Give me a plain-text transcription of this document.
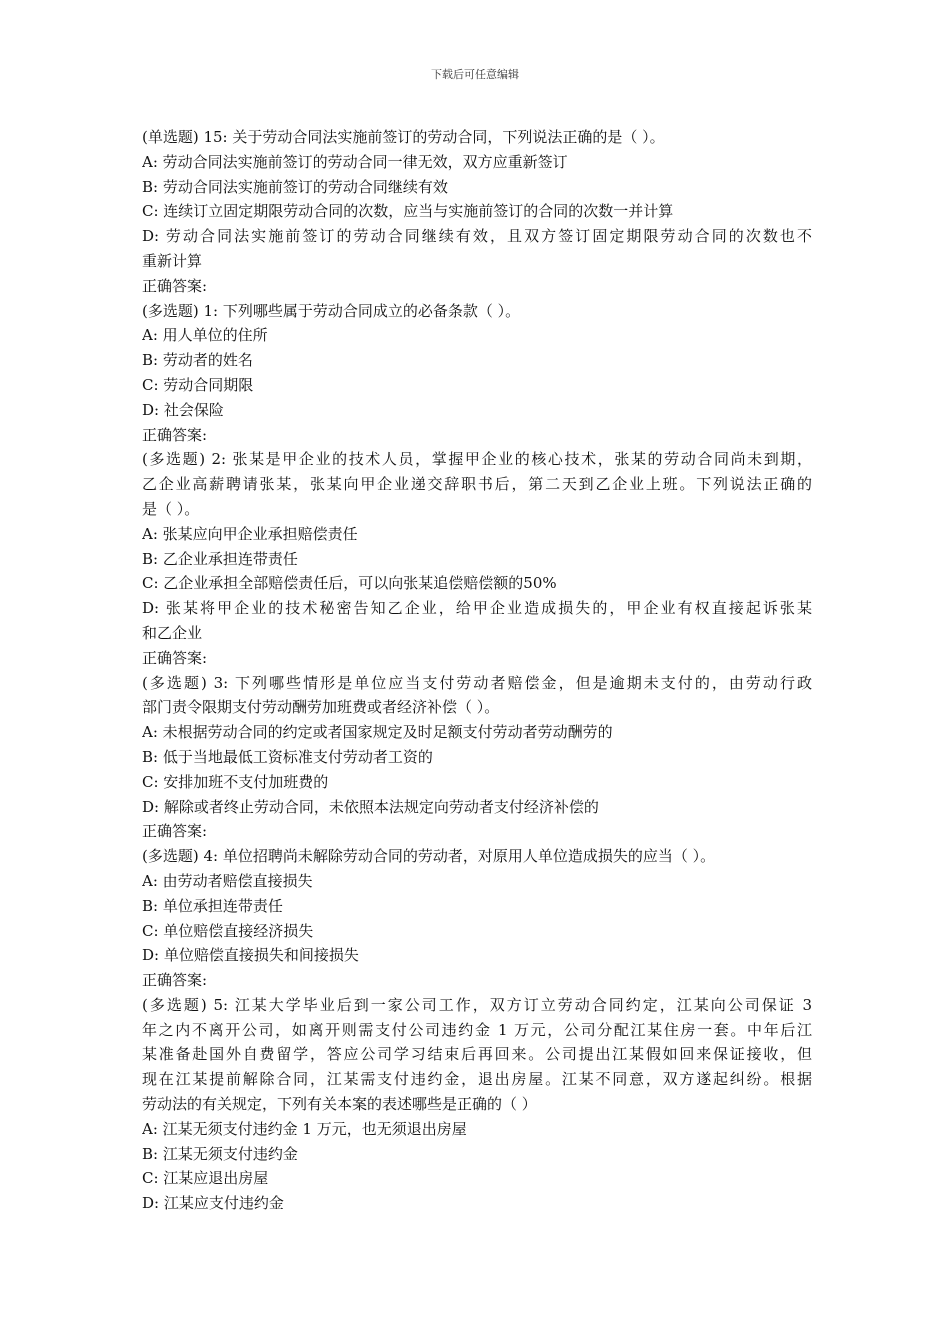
下载后可任意编辑
(单选题) 15: 关于劳动合同法实施前签订的劳动合同，下列说法正确的是（ ）。
A: 劳动合同法实施前签订的劳动合同一律无效，双方应重新签订
B: 劳动合同法实施前签订的劳动合同继续有效
C: 连续订立固定期限劳动合同的次数，应当与实施前签订的合同的次数一并计算
D: 劳动合同法实施前签订的劳动合同继续有效，且双方签订固定期限劳动合同的次数也不
重新计算
正确答案:
(多选题) 1: 下列哪些属于劳动合同成立的必备条款（ ）。
A: 用人单位的住所
B: 劳动者的姓名
C: 劳动合同期限
D: 社会保险
正确答案:
(多选题) 2: 张某是甲企业的技术人员，掌握甲企业的核心技术，张某的劳动合同尚未到期，
乙企业高薪聘请张某，张某向甲企业递交辞职书后，第二天到乙企业上班。下列说法正确的
是（ ）。
A: 张某应向甲企业承担赔偿责任
B: 乙企业承担连带责任
C: 乙企业承担全部赔偿责任后，可以向张某追偿赔偿额的50%
D: 张某将甲企业的技术秘密告知乙企业，给甲企业造成损失的，甲企业有权直接起诉张某
和乙企业
正确答案:
(多选题) 3: 下列哪些情形是单位应当支付劳动者赔偿金，但是逾期未支付的，由劳动行政
部门责令限期支付劳动酬劳加班费或者经济补偿（ ）。
A: 未根据劳动合同的约定或者国家规定及时足额支付劳动者劳动酬劳的
B: 低于当地最低工资标准支付劳动者工资的
C: 安排加班不支付加班费的
D: 解除或者终止劳动合同，未依照本法规定向劳动者支付经济补偿的
正确答案:
(多选题) 4: 单位招聘尚未解除劳动合同的劳动者，对原用人单位造成损失的应当（ ）。
A: 由劳动者赔偿直接损失
B: 单位承担连带责任
C: 单位赔偿直接经济损失
D: 单位赔偿直接损失和间接损失
正确答案:
(多选题) 5: 江某大学毕业后到一家公司工作，双方订立劳动合同约定，江某向公司保证 3
年之内不离开公司，如离开则需支付公司违约金 1 万元，公司分配江某住房一套。中年后江
某准备赴国外自费留学，答应公司学习结束后再回来。公司提出江某假如回来保证接收，但
现在江某提前解除合同，江某需支付违约金，退出房屋。江某不同意，双方遂起纠纷。根据
劳动法的有关规定，下列有关本案的表述哪些是正确的（ ）
A: 江某无须支付违约金 1 万元，也无须退出房屋
B: 江某无须支付违约金
C: 江某应退出房屋
D: 江某应支付违约金
